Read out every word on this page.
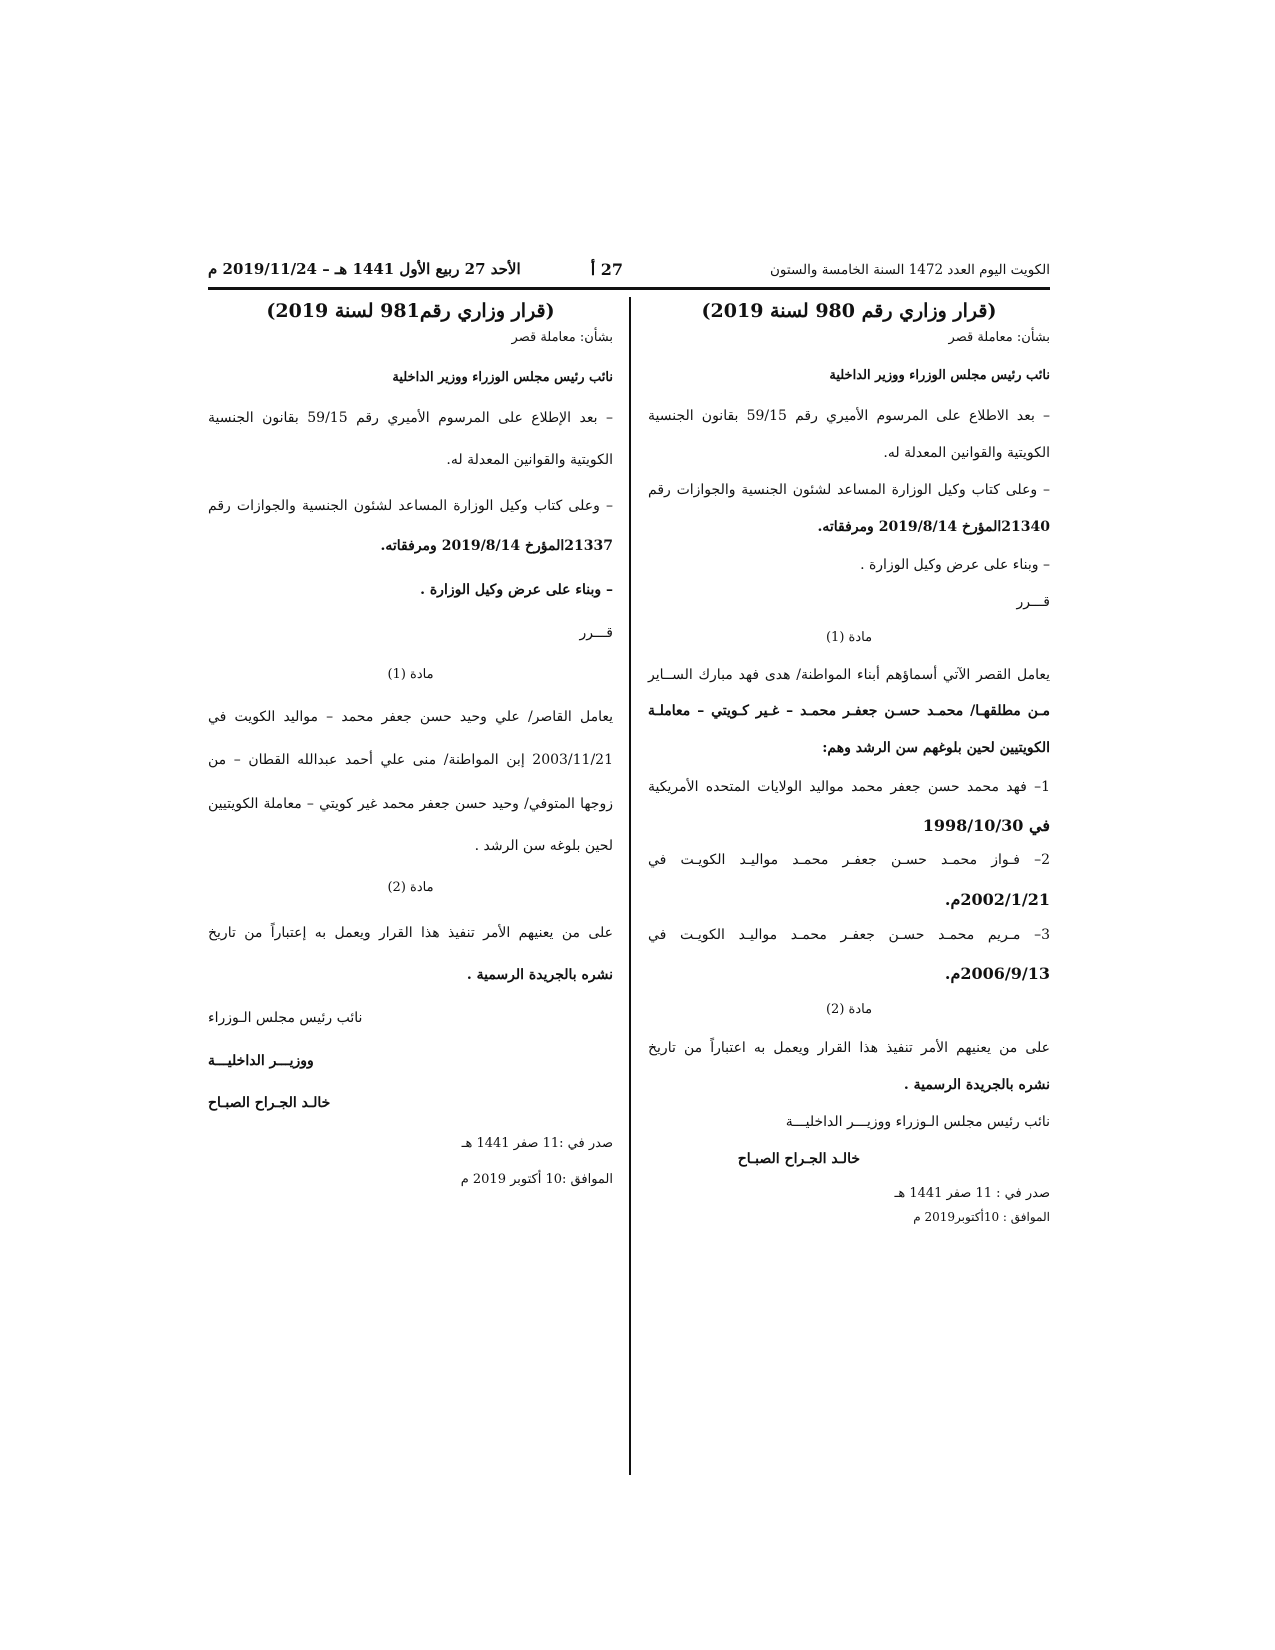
الكويت اليوم العدد 1472 السنة الخامسة والستون
27 أ
الأحد 27 ربيع الأول 1441 هـ – 2019/11/24 م
(قرار وزاري رقم 980 لسنة 2019)
بشأن: معاملة قصر
نائب رئيس مجلس الوزراء ووزير الداخلية
– بعد الاطلاع على المرسوم الأميري رقم 59/15 بقانون الجنسية
الكويتية والقوانين المعدلة له.
– وعلى كتاب وكيل الوزارة المساعد لشئون الجنسية والجوازات رقم
21340المؤرخ 2019/8/14 ومرفقاته.
– وبناء على عرض وكيل الوزارة .
قـــرر
مادة (1)
يعامل القصر الآتي أسماؤهم أبناء المواطنة/ هدى فهد مبارك الســاير
مـن مطلقهـا/ محمـد حسـن جعفـر محمـد – غـير كـويتي – معاملـة
الكويتيين لحين بلوغهم سن الرشد وهم:
1– فهد محمد حسن جعفر محمد مواليد الولايات المتحده الأمريكية
في 1998/10/30
2– فـواز محمـد حسـن جعفـر محمـد مواليـد الكويـت في
2002/1/21م.
3– مـريم محمـد حسـن جعفـر محمـد مواليـد الكويـت في
2006/9/13م.
مادة (2)
على من يعنيهم الأمر تنفيذ هذا القرار ويعمل به اعتباراً من تاريخ
نشره بالجريدة الرسمية .
نائب رئيس مجلس الـوزراء ووزيـــر الداخليـــة
خالـد الجـراح الصبـاح
صدر في : 11 صفر 1441 هـ
الموافق : 10أكتوبر2019 م
(قرار وزاري رقم981 لسنة 2019)
بشأن: معاملة قصر
نائب رئيس مجلس الوزراء ووزير الداخلية
– بعد الإطلاع على المرسوم الأميري رقم 59/15 بقانون الجنسية
الكويتية والقوانين المعدلة له.
– وعلى كتاب وكيل الوزارة المساعد لشئون الجنسية والجوازات رقم
21337المؤرخ 2019/8/14 ومرفقاته.
– وبناء على عرض وكيل الوزارة .
قـــرر
مادة (1)
يعامل القاصر/ علي وحيد حسن جعفر محمد – مواليد الكويت في
2003/11/21 إبن المواطنة/ منى علي أحمد عبدالله القطان – من
زوجها المتوفي/ وحيد حسن جعفر محمد غير كويتي – معاملة الكويتيين
لحين بلوغه سن الرشد .
مادة (2)
على من يعنيهم الأمر تنفيذ هذا القرار ويعمل به إعتباراً من تاريخ
نشره بالجريدة الرسمية .
نائب رئيس مجلس الـوزراء
ووزيـــر الداخليـــة
خالـد الجـراح الصبـاح
صدر في :11 صفر 1441 هـ
الموافق :10 أكتوبر 2019 م
